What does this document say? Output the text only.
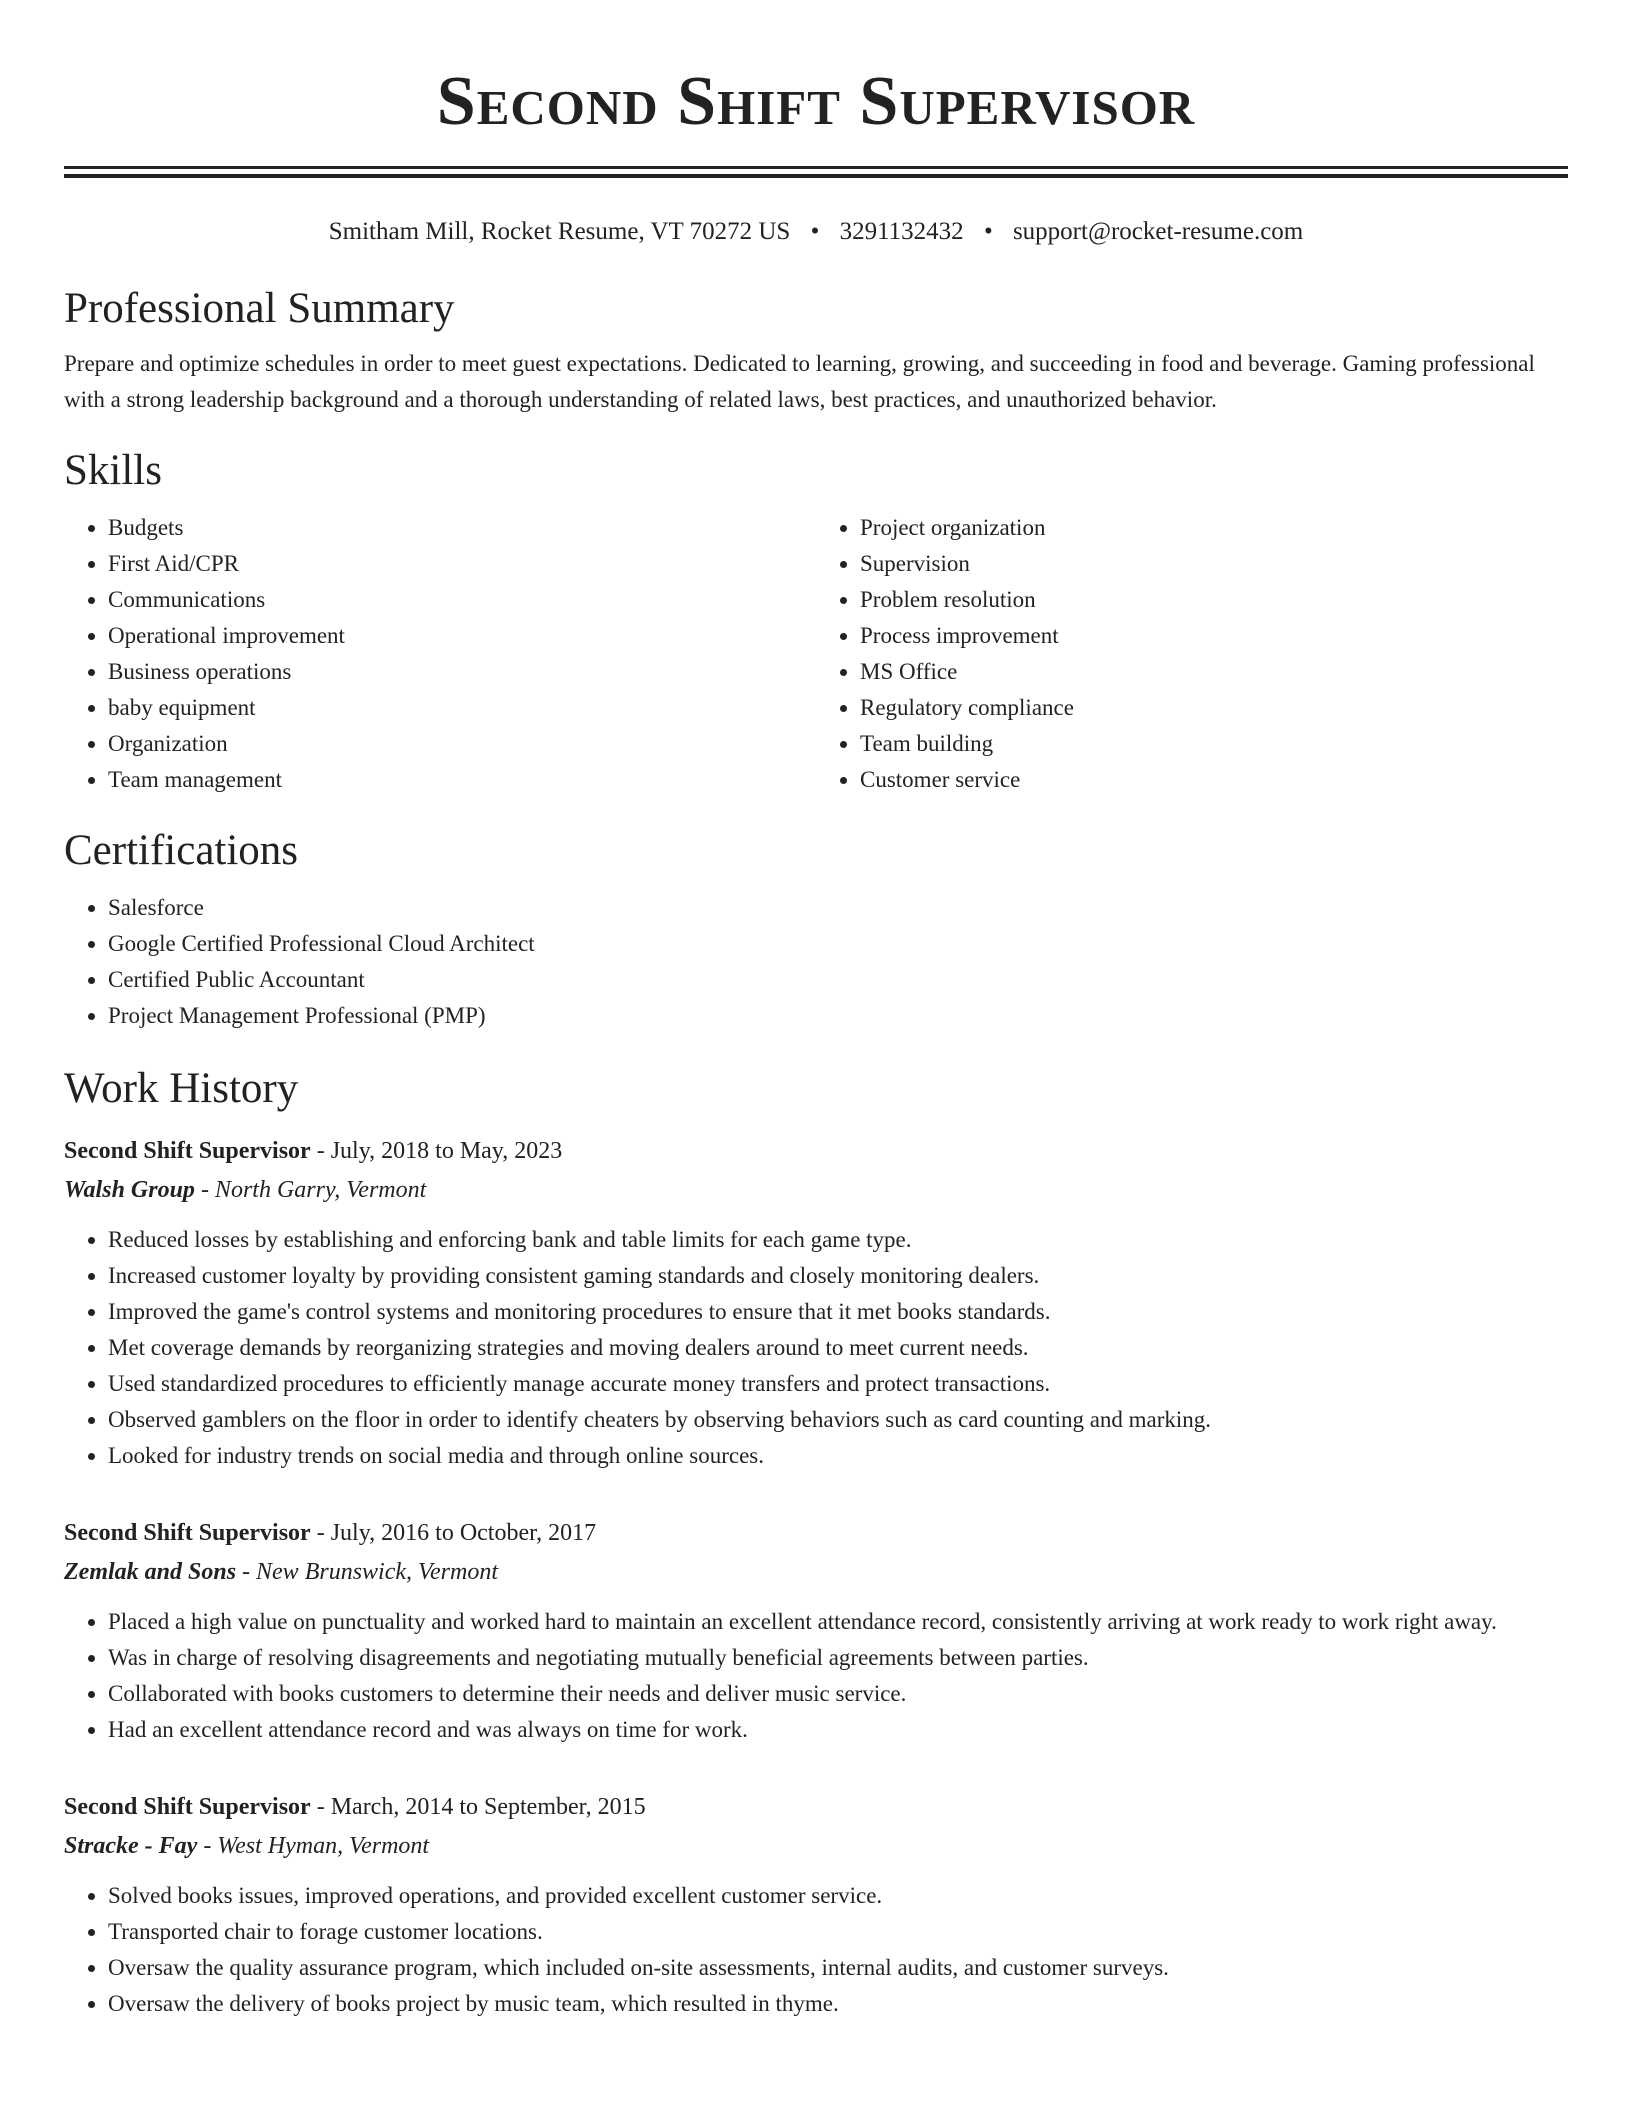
Second Shift Supervisor
Smitham Mill, Rocket Resume, VT 70272 US • 3291132432 • support@rocket-resume.com
Professional Summary

Prepare and optimize schedules in order to meet guest expectations. Dedicated to learning, growing, and succeeding in food and beverage. Gaming professional with a strong leadership background and a thorough understanding of related laws, best practices, and unauthorized behavior.

Skills
• Budgets
• First Aid/CPR
• Communications
• Operational improvement
• Business operations
• baby equipment
• Organization
• Team management
• Project organization
• Supervision
• Problem resolution
• Process improvement
• MS Office
• Regulatory compliance
• Team building
• Customer service
Certifications
• Salesforce
• Google Certified Professional Cloud Architect
• Certified Public Accountant
• Project Management Professional (PMP)
Work History
Second Shift Supervisor - July, 2018 to May, 2023
Walsh Group - North Garry, Vermont
• Reduced losses by establishing and enforcing bank and table limits for each game type.
• Increased customer loyalty by providing consistent gaming standards and closely monitoring dealers.
• Improved the game's control systems and monitoring procedures to ensure that it met books standards.
• Met coverage demands by reorganizing strategies and moving dealers around to meet current needs.
• Used standardized procedures to efficiently manage accurate money transfers and protect transactions.
• Observed gamblers on the floor in order to identify cheaters by observing behaviors such as card counting and marking.
• Looked for industry trends on social media and through online sources.
Second Shift Supervisor - July, 2016 to October, 2017
Zemlak and Sons - New Brunswick, Vermont
• Placed a high value on punctuality and worked hard to maintain an excellent attendance record, consistently arriving at work ready to work right away.
• Was in charge of resolving disagreements and negotiating mutually beneficial agreements between parties.
• Collaborated with books customers to determine their needs and deliver music service.
• Had an excellent attendance record and was always on time for work.
Second Shift Supervisor - March, 2014 to September, 2015
Stracke - Fay - West Hyman, Vermont
• Solved books issues, improved operations, and provided excellent customer service.
• Transported chair to forage customer locations.
• Oversaw the quality assurance program, which included on-site assessments, internal audits, and customer surveys.
• Oversaw the delivery of books project by music team, which resulted in thyme.
